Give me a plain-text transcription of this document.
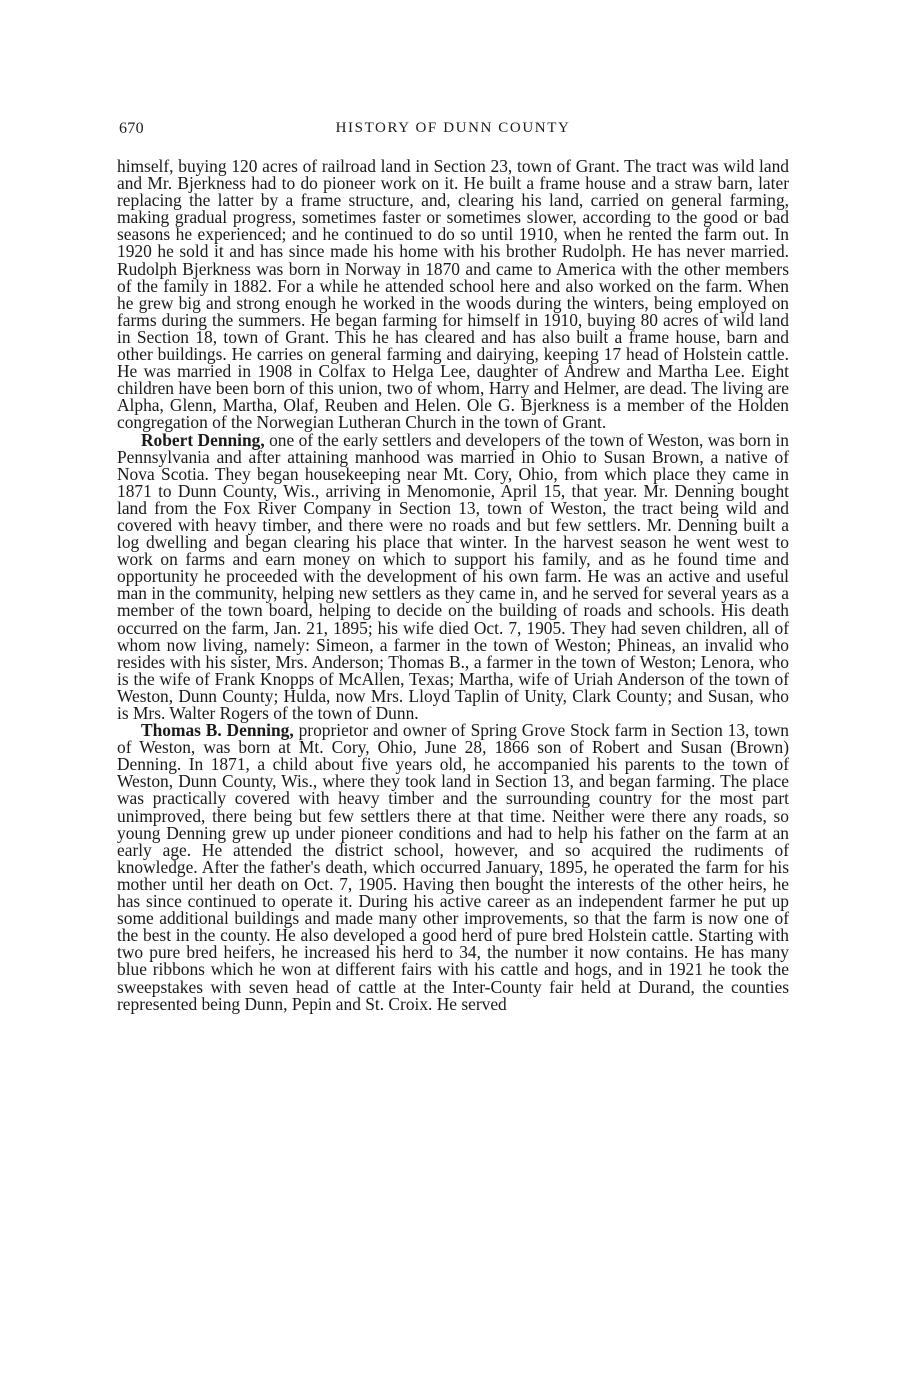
670	HISTORY OF DUNN COUNTY

himself, buying 120 acres of railroad land in Section 23, town of Grant. The tract was wild land and Mr. Bjerkness had to do pioneer work on it. He built a frame house and a straw barn, later replacing the latter by a frame structure, and, clearing his land, carried on general farming, making gradual progress, sometimes faster or sometimes slower, according to the good or bad seasons he experienced; and he continued to do so until 1910, when he rented the farm out. In 1920 he sold it and has since made his home with his brother Rudolph. He has never married. Rudolph Bjerkness was born in Norway in 1870 and came to America with the other members of the family in 1882. For a while he attended school here and also worked on the farm. When he grew big and strong enough he worked in the woods during the winters, being employed on farms during the summers. He began farming for himself in 1910, buying 80 acres of wild land in Section 18, town of Grant. This he has cleared and has also built a frame house, barn and other buildings. He carries on general farming and dairying, keeping 17 head of Holstein cattle. He was married in 1908 in Colfax to Helga Lee, daughter of Andrew and Martha Lee. Eight children have been born of this union, two of whom, Harry and Helmer, are dead. The living are Alpha, Glenn, Martha, Olaf, Reuben and Helen. Ole G. Bjerkness is a member of the Holden congregation of the Norwegian Lutheran Church in the town of Grant.

Robert Denning, one of the early settlers and developers of the town of Weston, was born in Pennsylvania and after attaining manhood was married in Ohio to Susan Brown, a native of Nova Scotia. They began housekeeping near Mt. Cory, Ohio, from which place they came in 1871 to Dunn County, Wis., arriving in Menomonie, April 15, that year. Mr. Denning bought land from the Fox River Company in Section 13, town of Weston, the tract being wild and covered with heavy timber, and there were no roads and but few settlers. Mr. Denning built a log dwelling and began clearing his place that winter. In the harvest season he went west to work on farms and earn money on which to support his family, and as he found time and opportunity he proceeded with the development of his own farm. He was an active and useful man in the community, helping new settlers as they came in, and he served for several years as a member of the town board, helping to decide on the building of roads and schools. His death occurred on the farm, Jan. 21, 1895; his wife died Oct. 7, 1905. They had seven children, all of whom now living, namely: Simeon, a farmer in the town of Weston; Phineas, an invalid who resides with his sister, Mrs. Anderson; Thomas B., a farmer in the town of Weston; Lenora, who is the wife of Frank Knopps of McAllen, Texas; Martha, wife of Uriah Anderson of the town of Weston, Dunn County; Hulda, now Mrs. Lloyd Taplin of Unity, Clark County; and Susan, who is Mrs. Walter Rogers of the town of Dunn.

Thomas B. Denning, proprietor and owner of Spring Grove Stock farm in Section 13, town of Weston, was born at Mt. Cory, Ohio, June 28, 1866 son of Robert and Susan (Brown) Denning. In 1871, a child about five years old, he accompanied his parents to the town of Weston, Dunn County, Wis., where they took land in Section 13, and began farming. The place was practically covered with heavy timber and the surrounding country for the most part unimproved, there being but few settlers there at that time. Neither were there any roads, so young Denning grew up under pioneer conditions and had to help his father on the farm at an early age. He attended the district school, however, and so acquired the rudiments of knowledge. After the father's death, which occurred January, 1895, he operated the farm for his mother until her death on Oct. 7, 1905. Having then bought the interests of the other heirs, he has since continued to operate it. During his active career as an independent farmer he put up some additional buildings and made many other improvements, so that the farm is now one of the best in the county. He also developed a good herd of pure bred Holstein cattle. Starting with two pure bred heifers, he increased his herd to 34, the number it now contains. He has many blue ribbons which he won at different fairs with his cattle and hogs, and in 1921 he took the sweepstakes with seven head of cattle at the Inter-County fair held at Durand, the counties represented being Dunn, Pepin and St. Croix. He served
